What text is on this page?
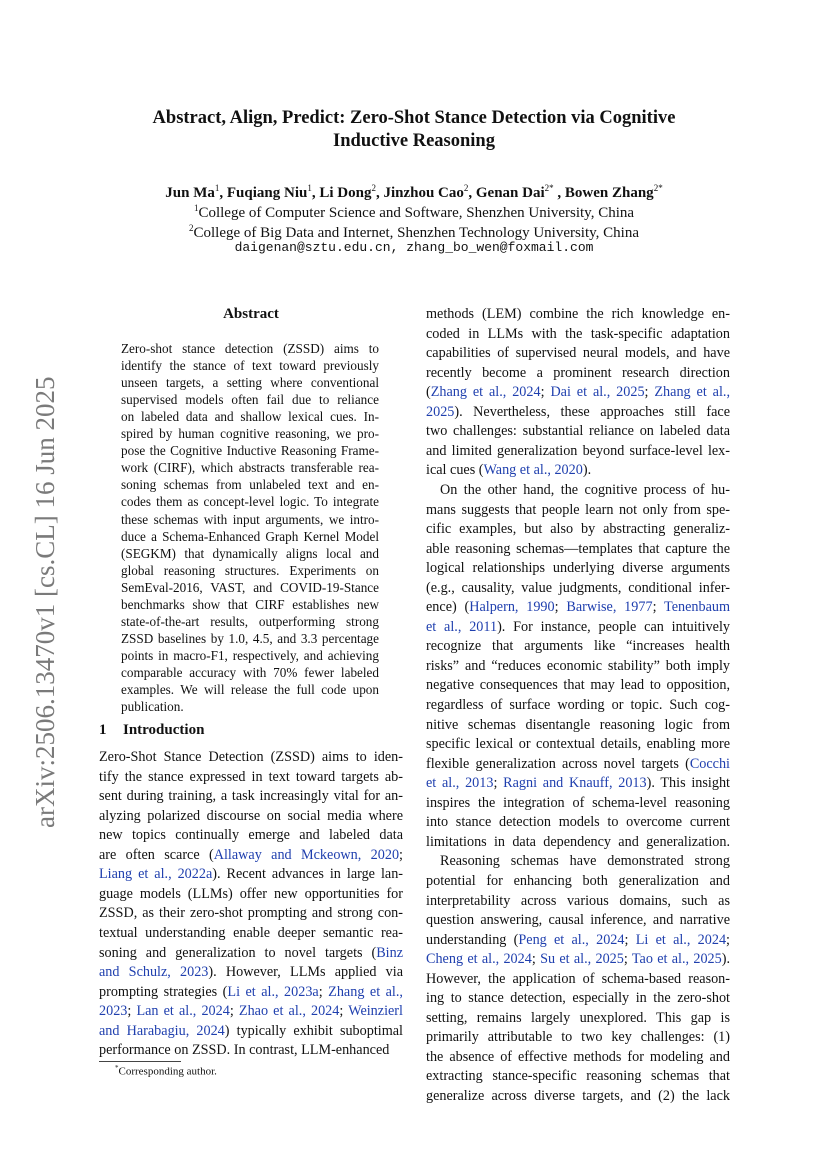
arXiv:2506.13470v1 [cs.CL] 16 Jun 2025
Abstract, Align, Predict: Zero-Shot Stance Detection via Cognitive
Inductive Reasoning
Jun Ma$^1$, Fuqiang Niu$^1$, Li Dong$^2$, Jinzhou Cao$^2$, Genan Dai$^{2*}$ , Bowen Zhang$^{2*}$
$^1$College of Computer Science and Software, Shenzhen University, China
$^2$College of Big Data and Internet, Shenzhen Technology University, China
daigenan@sztu.edu.cn, zhang_bo_wen@foxmail.com
Abstract
Zero-shot stance detection (ZSSD) aims to
identify the stance of text toward previously
unseen targets, a setting where conventional
supervised models often fail due to reliance
on labeled data and shallow lexical cues. In-
spired by human cognitive reasoning, we pro-
pose the Cognitive Inductive Reasoning Frame-
work (CIRF), which abstracts transferable rea-
soning schemas from unlabeled text and en-
codes them as concept-level logic. To integrate
these schemas with input arguments, we intro-
duce a Schema-Enhanced Graph Kernel Model
(SEGKM) that dynamically aligns local and
global reasoning structures. Experiments on
SemEval-2016, VAST, and COVID-19-Stance
benchmarks show that CIRF establishes new
state-of-the-art results, outperforming strong
ZSSD baselines by 1.0, 4.5, and 3.3 percentage
points in macro-F1, respectively, and achieving
comparable accuracy with 70% fewer labeled
examples. We will release the full code upon
publication.
1 Introduction
Zero-Shot Stance Detection (ZSSD) aims to iden-
tify the stance expressed in text toward targets ab-
sent during training, a task increasingly vital for an-
alyzing polarized discourse on social media where
new topics continually emerge and labeled data
are often scarce (Allaway and Mckeown, 2020;
Liang et al., 2022a). Recent advances in large lan-
guage models (LLMs) offer new opportunities for
ZSSD, as their zero-shot prompting and strong con-
textual understanding enable deeper semantic rea-
soning and generalization to novel targets (Binz
and Schulz, 2023). However, LLMs applied via
prompting strategies (Li et al., 2023a; Zhang et al.,
2023; Lan et al., 2024; Zhao et al., 2024; Weinzierl
and Harabagiu, 2024) typically exhibit suboptimal
performance on ZSSD. In contrast, LLM-enhanced
methods (LEM) combine the rich knowledge en-
coded in LLMs with the task-specific adaptation
capabilities of supervised neural models, and have
recently become a prominent research direction
(Zhang et al., 2024; Dai et al., 2025; Zhang et al.,
2025). Nevertheless, these approaches still face
two challenges: substantial reliance on labeled data
and limited generalization beyond surface-level lex-
ical cues (Wang et al., 2020).
On the other hand, the cognitive process of hu-
mans suggests that people learn not only from spe-
cific examples, but also by abstracting generaliz-
able reasoning schemas—templates that capture the
logical relationships underlying diverse arguments
(e.g., causality, value judgments, conditional infer-
ence) (Halpern, 1990; Barwise, 1977; Tenenbaum
et al., 2011). For instance, people can intuitively
recognize that arguments like “increases health
risks” and “reduces economic stability” both imply
negative consequences that may lead to opposition,
regardless of surface wording or topic. Such cog-
nitive schemas disentangle reasoning logic from
specific lexical or contextual details, enabling more
flexible generalization across novel targets (Cocchi
et al., 2013; Ragni and Knauff, 2013). This insight
inspires the integration of schema-level reasoning
into stance detection models to overcome current
limitations in data dependency and generalization.
Reasoning schemas have demonstrated strong
potential for enhancing both generalization and
interpretability across various domains, such as
question answering, causal inference, and narrative
understanding (Peng et al., 2024; Li et al., 2024;
Cheng et al., 2024; Su et al., 2025; Tao et al., 2025).
However, the application of schema-based reason-
ing to stance detection, especially in the zero-shot
setting, remains largely unexplored. This gap is
primarily attributable to two key challenges: (1)
the absence of effective methods for modeling and
extracting stance-specific reasoning schemas that
generalize across diverse targets, and (2) the lack
*Corresponding author.
